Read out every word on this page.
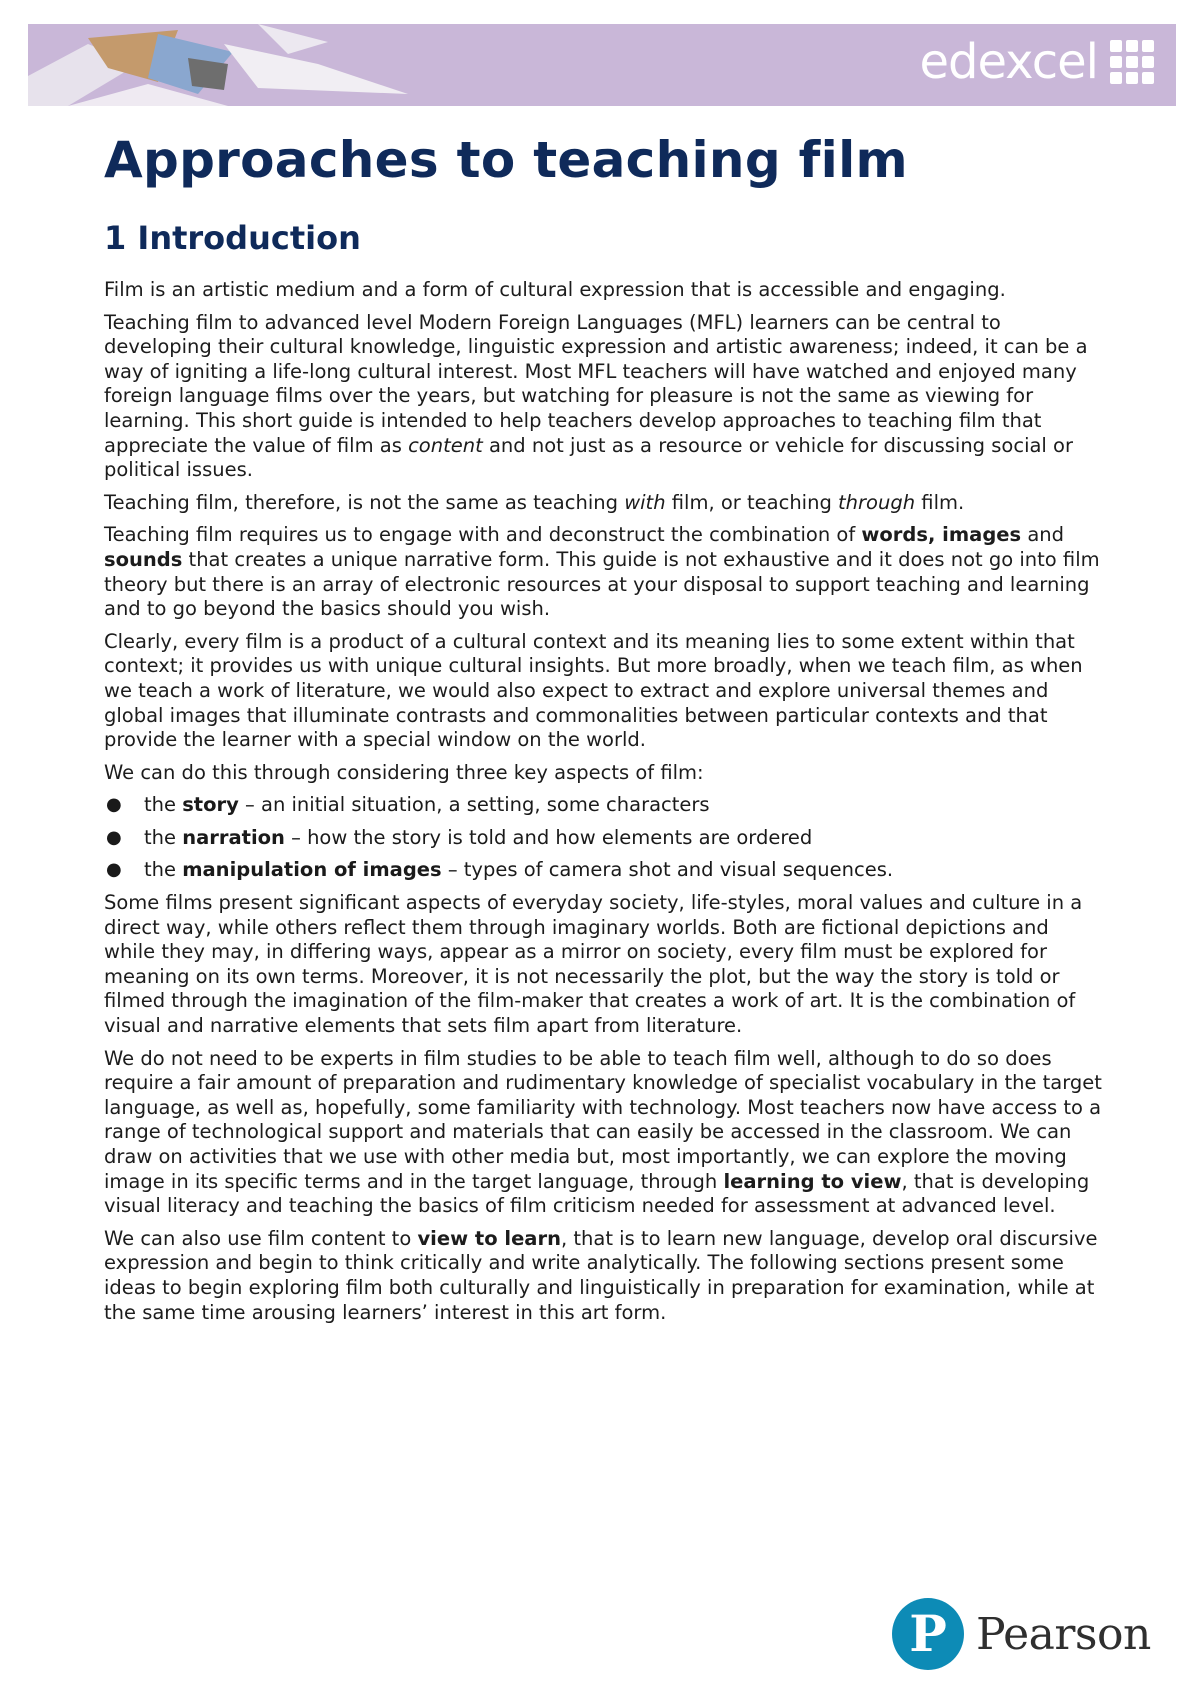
edexcel
Approaches to teaching film
1 Introduction

Film is an artistic medium and a form of cultural expression that is accessible and engaging.

Teaching film to advanced level Modern Foreign Languages (MFL) learners can be central to developing their cultural knowledge, linguistic expression and artistic awareness; indeed, it can be a way of igniting a life-long cultural interest. Most MFL teachers will have watched and enjoyed many foreign language films over the years, but watching for pleasure is not the same as viewing for learning. This short guide is intended to help teachers develop approaches to teaching film that appreciate the value of film as content and not just as a resource or vehicle for discussing social or political issues.

Teaching film, therefore, is not the same as teaching with film, or teaching through film.

Teaching film requires us to engage with and deconstruct the combination of words, images and sounds that creates a unique narrative form. This guide is not exhaustive and it does not go into film theory but there is an array of electronic resources at your disposal to support teaching and learning and to go beyond the basics should you wish.

Clearly, every film is a product of a cultural context and its meaning lies to some extent within that context; it provides us with unique cultural insights. But more broadly, when we teach film, as when we teach a work of literature, we would also expect to extract and explore universal themes and global images that illuminate contrasts and commonalities between particular contexts and that provide the learner with a special window on the world.

We can do this through considering three key aspects of film:

● the story – an initial situation, a setting, some characters
● the narration – how the story is told and how elements are ordered
● the manipulation of images – types of camera shot and visual sequences.

Some films present significant aspects of everyday society, life-styles, moral values and culture in a direct way, while others reflect them through imaginary worlds. Both are fictional depictions and while they may, in differing ways, appear as a mirror on society, every film must be explored for meaning on its own terms. Moreover, it is not necessarily the plot, but the way the story is told or filmed through the imagination of the film-maker that creates a work of art. It is the combination of visual and narrative elements that sets film apart from literature.

We do not need to be experts in film studies to be able to teach film well, although to do so does require a fair amount of preparation and rudimentary knowledge of specialist vocabulary in the target language, as well as, hopefully, some familiarity with technology. Most teachers now have access to a range of technological support and materials that can easily be accessed in the classroom. We can draw on activities that we use with other media but, most importantly, we can explore the moving image in its specific terms and in the target language, through learning to view, that is developing visual literacy and teaching the basics of film criticism needed for assessment at advanced level.

We can also use film content to view to learn, that is to learn new language, develop oral discursive expression and begin to think critically and write analytically. The following sections present some ideas to begin exploring film both culturally and linguistically in preparation for examination, while at the same time arousing learners’ interest in this art form.

P Pearson
